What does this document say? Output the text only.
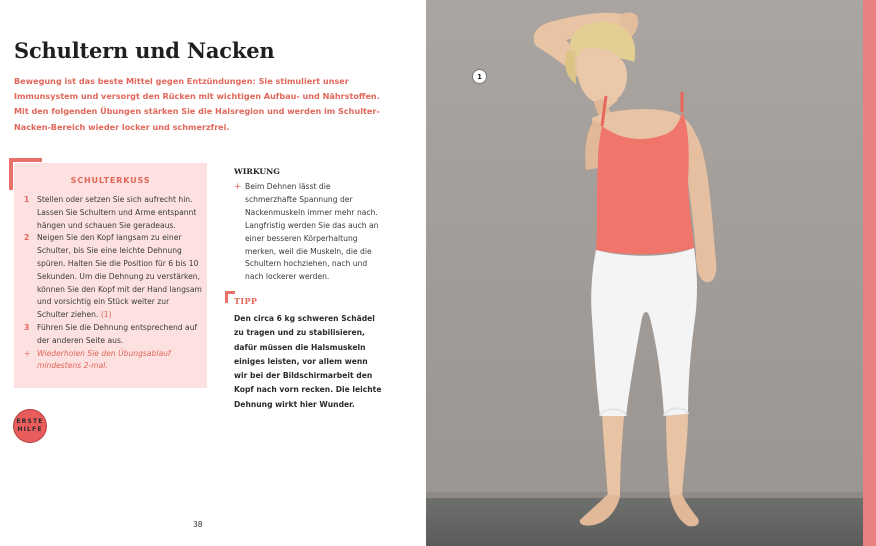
Schultern und Nacken

Bewegung ist das beste Mittel gegen Entzündungen: Sie stimuliert unser Immunsystem und versorgt den Rücken mit wichtigen Aufbau- und Nährstoffen. Mit den folgenden Übungen stärken Sie die Halsregion und werden im Schulter-Nacken-Bereich wieder locker und schmerzfrei.

SCHULTERKUSS
1	Stellen oder setzen Sie sich aufrecht hin. Lassen Sie Schultern und Arme entspannt hängen und schauen Sie geradeaus.
2	Neigen Sie den Kopf langsam zu einer Schulter, bis Sie eine leichte Dehnung spüren. Halten Sie die Position für 6 bis 10 Sekunden. Um die Dehnung zu verstärken, können Sie den Kopf mit der Hand langsam und vorsichtig ein Stück weiter zur Schulter ziehen. (1)
3	Führen Sie die Dehnung entsprechend auf der anderen Seite aus.
+ Wiederholen Sie den Übungsablauf mindestens 2-mal.
ERSTE
HILFE
WIRKUNG
+ Beim Dehnen lässt die schmerzhafte Spannung der Nackenmuskeln immer mehr nach. Langfristig werden Sie das auch an einer besseren Körperhaltung merken, weil die Muskeln, die die Schultern hochziehen, nach und nach lockerer werden.
TIPP

Den circa 6 kg schweren Schädel zu tragen und zu stabilisieren, dafür müssen die Halsmuskeln einiges leisten, vor allem wenn wir bei der Bildschirmarbeit den Kopf nach vorn recken. Die leichte Dehnung wirkt hier Wunder.

38
1
